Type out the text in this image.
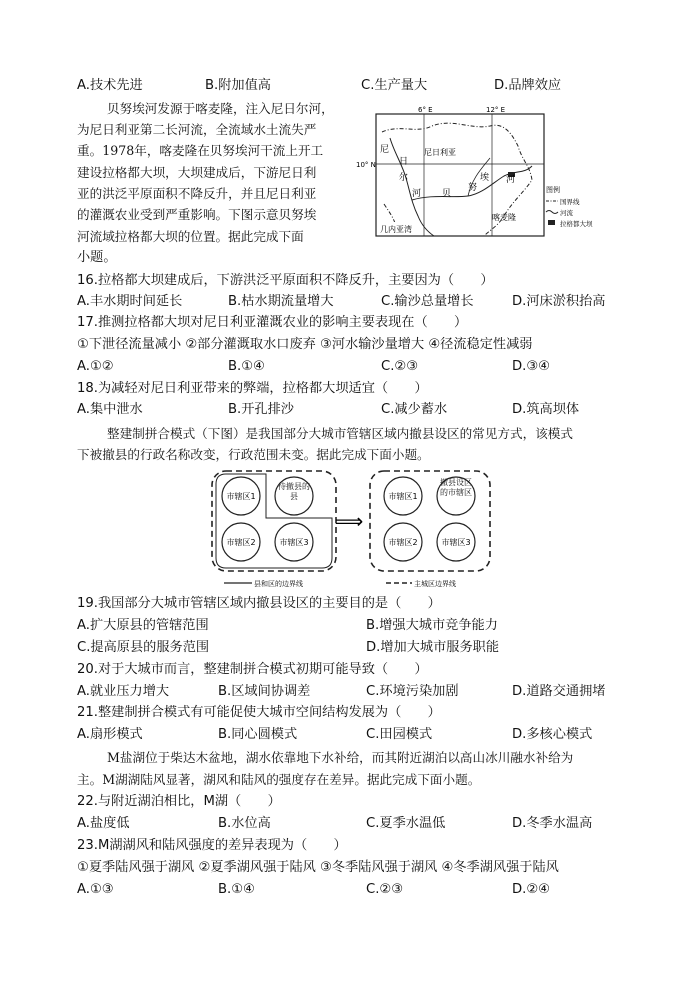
A.技术先进	B.附加值高	C.生产量大	D.品牌效应
贝努埃河发源于喀麦隆，注入尼日尔河，
为尼日利亚第二长河流，全流域水土流失严
重。1978年，喀麦隆在贝努埃河干流上开工
建设拉格都大坝，大坝建成后，下游尼日利
亚的洪泛平原面积不降反升，并且尼日利亚
的灌溉农业受到严重影响。下图示意贝努埃
河流域拉格都大坝的位置。据此完成下面
小题。
6° E	12° E
10° N
尼
日
尔
河
尼日利亚
贝
努
埃 河
喀麦隆
几内亚湾
图例
国界线
河流
拉格都大坝
16.拉格都大坝建成后，下游洪泛平原面积不降反升，主要因为（　　）
A.丰水期时间延长	B.枯水期流量增大	C.输沙总量增长	D.河床淤积抬高
17.推测拉格都大坝对尼日利亚灌溉农业的影响主要表现在（　　）
①下泄径流量减小 ②部分灌溉取水口废弃 ③河水输沙量增大 ④径流稳定性减弱
A.①②	B.①④	C.②③	D.③④
18.为减轻对尼日利亚带来的弊端，拉格都大坝适宜（　　）
A.集中泄水	B.开孔排沙	C.减少蓄水	D.筑高坝体
整建制拼合模式（下图）是我国部分大城市管辖区域内撤县设区的常见方式，该模式
下被撤县的行政名称改变，行政范围未变。据此完成下面小题。
市辖区1
待撤县的县
市辖区2	市辖区3
⟹
市辖区1
撤县设区的市辖区
市辖区2	市辖区3
县和区的边界线	主城区边界线
19.我国部分大城市管辖区域内撤县设区的主要目的是（　　）
A.扩大原县的管辖范围	B.增强大城市竞争能力
C.提高原县的服务范围	D.增加大城市服务职能
20.对于大城市而言，整建制拼合模式初期可能导致（　　）
A.就业压力增大	B.区域间协调差	C.环境污染加剧	D.道路交通拥堵
21.整建制拼合模式有可能促使大城市空间结构发展为（　　）
A.扇形模式	B.同心圆模式	C.田园模式	D.多核心模式
M盐湖位于柴达木盆地，湖水依靠地下水补给，而其附近湖泊以高山冰川融水补给为
主。M湖湖陆风显著，湖风和陆风的强度存在差异。据此完成下面小题。
22.与附近湖泊相比，M湖（　　）
A.盐度低	B.水位高	C.夏季水温低	D.冬季水温高
23.M湖湖风和陆风强度的差异表现为（　　）
①夏季陆风强于湖风 ②夏季湖风强于陆风 ③冬季陆风强于湖风 ④冬季湖风强于陆风
A.①③	B.①④	C.②③	D.②④
